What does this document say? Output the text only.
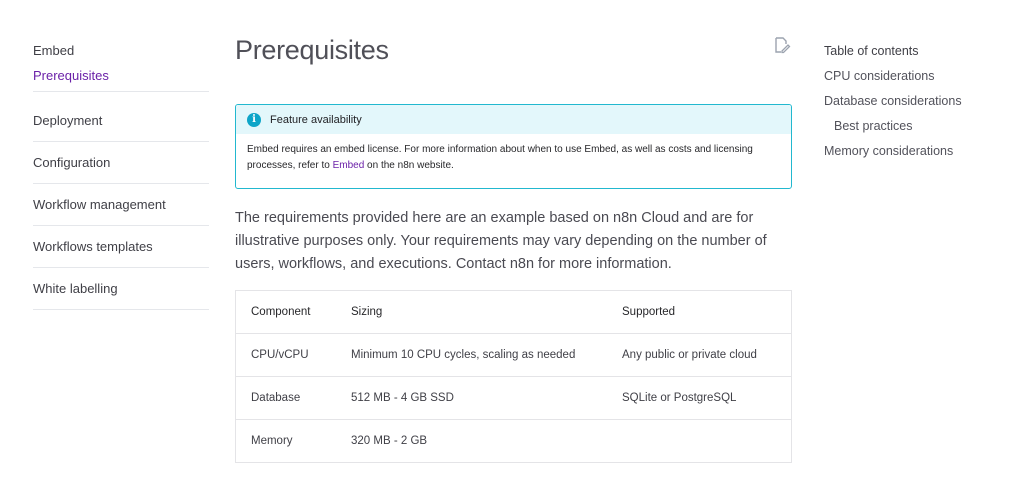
Embed
Prerequisites
Deployment
Configuration
Workflow management
Workflows templates
White labelling
Prerequisites
i	Feature availability
Embed requires an embed license. For more information about when to use Embed, as well as costs and licensing processes, refer to Embed on the n8n website.

The requirements provided here are an example based on n8n Cloud and are for illustrative purposes only. Your requirements may vary depending on the number of users, workflows, and executions. Contact n8n for more information.

Component	Sizing	Supported
CPU/vCPU	Minimum 10 CPU cycles, scaling as needed	Any public or private cloud
Database	512 MB - 4 GB SSD	SQLite or PostgreSQL
Memory	320 MB - 2 GB	
Table of contents
CPU considerations
Database considerations
Best practices
Memory considerations
